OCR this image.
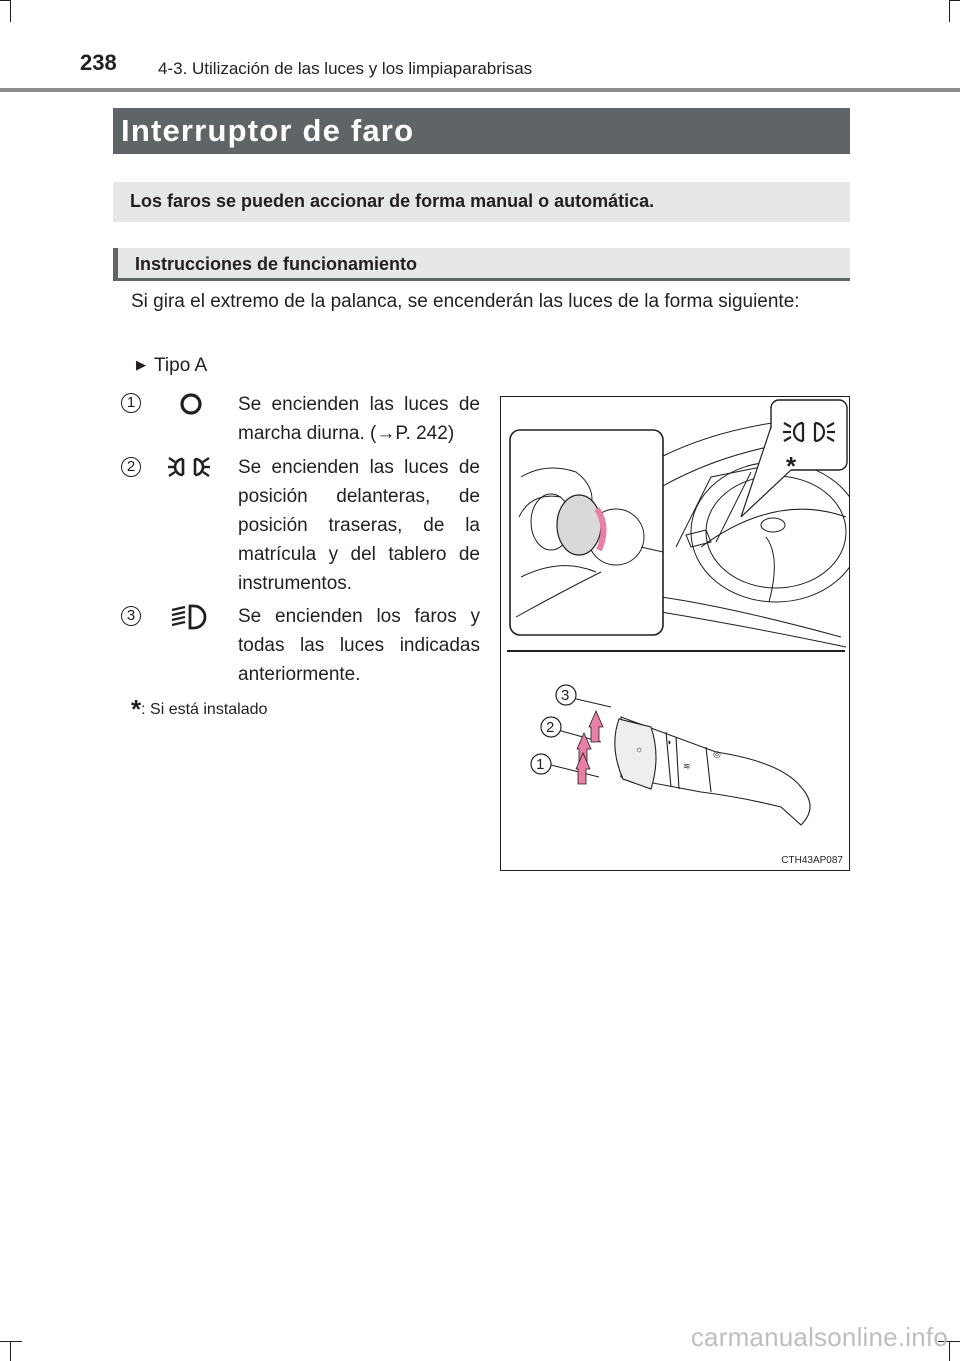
238 4-3. Utilización de las luces y los limpiaparabrisas
Interruptor de faro
Los faros se pueden accionar de forma manual o automática.
Instrucciones de funcionamiento

Si gira el extremo de la palanca, se encenderán las luces de la forma siguiente:

▶ Tipo A
1	Se encienden las luces de marcha diurna. (→P. 242)

2	Se encienden las luces de posición delanteras, de posición traseras, de la matrícula y del tablero de instrumentos.

3	Se encienden los faros y todas las luces indicadas anteriormente.

*: Si está instalado
*
☼
◑
≋
◎
3
2
1
CTH43AP087
carmanualsonline.info
